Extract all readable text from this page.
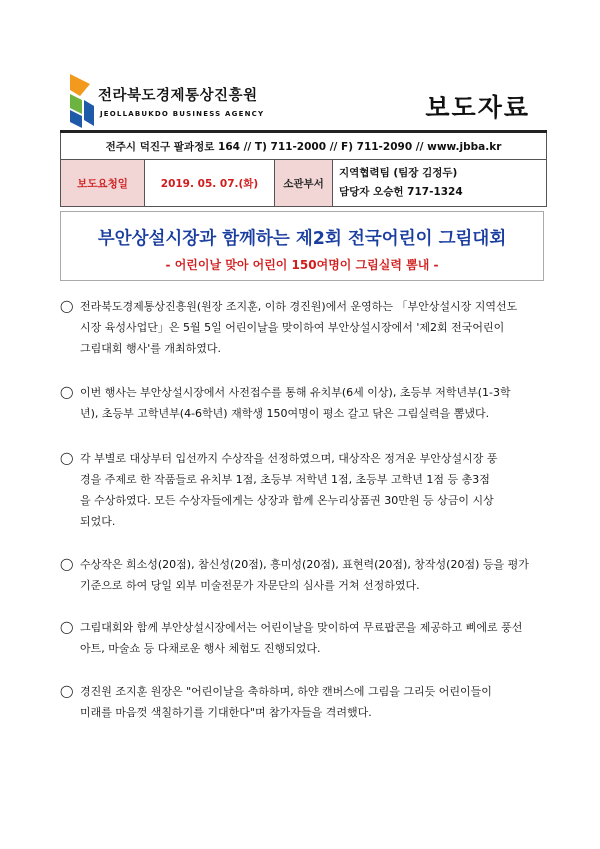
전라북도경제통상진흥원
JEOLLABUKDO BUSINESS AGENCY	보도자료
전주시 덕진구 팔과정로 164 // T) 711-2000 // F) 711-2090 // www.jbba.kr
보도요청일	2019. 05. 07.(화)	소관부서	
지역협력팀 (팀장 김정두)
담당자 오승헌 717-1324
부안상설시장과 함께하는 제2회 전국어린이 그림대회
- 어린이날 맞아 어린이 150여명이 그림실력 뽐내 -
◯ 전라북도경제통상진흥원(원장 조지훈, 이하 경진원)에서 운영하는 「부안상설시장 지역선도
시장 육성사업단」은 5월 5일 어린이날을 맞이하여 부안상설시장에서 '제2회 전국어린이
그림대회 행사'를 개최하였다.
◯ 이번 행사는 부안상설시장에서 사전접수를 통해 유치부(6세 이상), 초등부 저학년부(1-3학
년), 초등부 고학년부(4-6학년) 재학생 150여명이 평소 갈고 닦은 그림실력을 뽐냈다.
◯ 각 부별로 대상부터 입선까지 수상작을 선정하였으며, 대상작은 정겨운 부안상설시장 풍
경을 주제로 한 작품들로 유치부 1점, 초등부 저학년 1점, 초등부 고학년 1점 등 총3점
을 수상하였다. 모든 수상자들에게는 상장과 함께 온누리상품권 30만원 등 상금이 시상
되었다.
◯ 수상작은 희소성(20점), 참신성(20점), 흥미성(20점), 표현력(20점), 창작성(20점) 등을 평가
기준으로 하여 당일 외부 미술전문가 자문단의 심사를 거쳐 선정하였다.
◯ 그림대회와 함께 부안상설시장에서는 어린이날을 맞이하여 무료팝콘을 제공하고 삐에로 풍선
아트, 마술쇼 등 다채로운 행사 체험도 진행되었다.
◯ 경진원 조지훈 원장은 "어린이날을 축하하며, 하얀 캔버스에 그림을 그리듯 어린이들이
미래를 마음껏 색칠하기를 기대한다"며 참가자들을 격려했다.
